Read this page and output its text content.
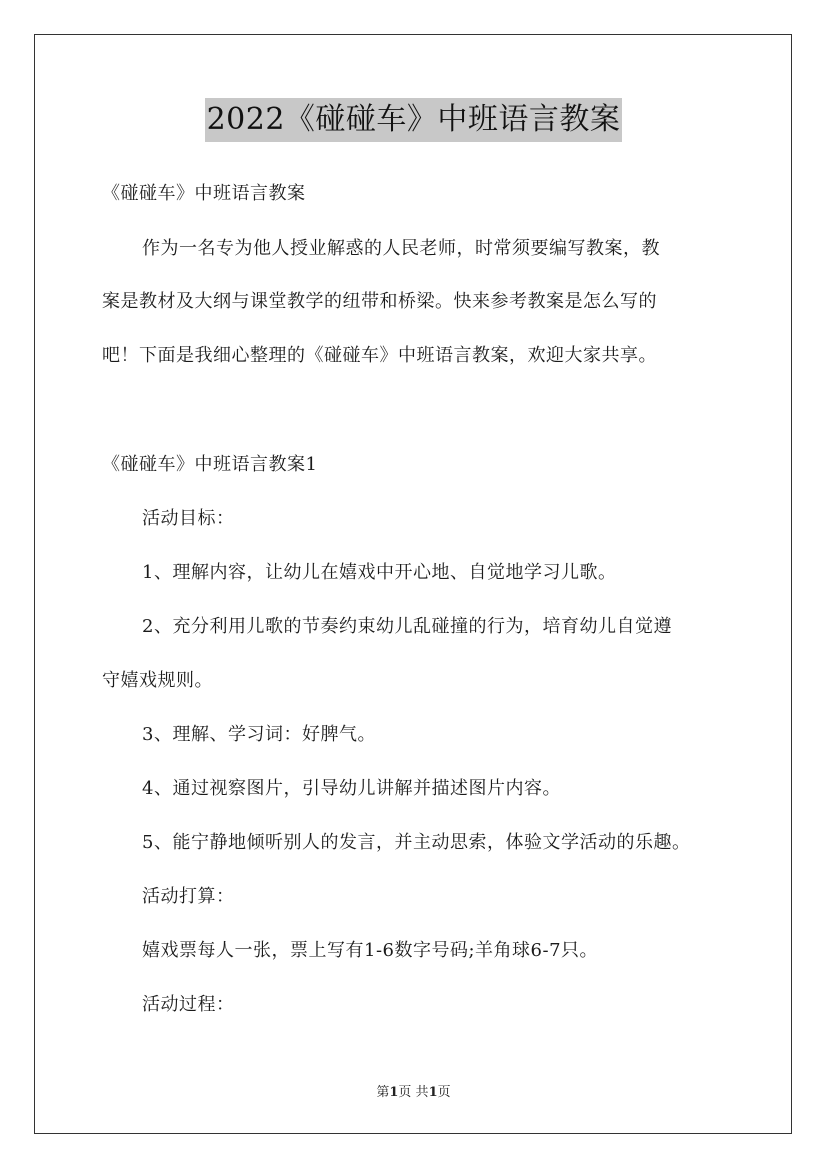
2022《碰碰车》中班语言教案
《碰碰车》中班语言教案
作为一名专为他人授业解惑的人民老师，时常须要编写教案，教
案是教材及大纲与课堂教学的纽带和桥梁。快来参考教案是怎么写的
吧！下面是我细心整理的《碰碰车》中班语言教案，欢迎大家共享。
《碰碰车》中班语言教案1
活动目标：
1、理解内容，让幼儿在嬉戏中开心地、自觉地学习儿歌。
2、充分利用儿歌的节奏约束幼儿乱碰撞的行为，培育幼儿自觉遵
守嬉戏规则。
3、理解、学习词：好脾气。
4、通过视察图片，引导幼儿讲解并描述图片内容。
5、能宁静地倾听别人的发言，并主动思索，体验文学活动的乐趣。
活动打算：
嬉戏票每人一张，票上写有1-6数字号码;羊角球6-7只。
活动过程：
第1页 共1页
